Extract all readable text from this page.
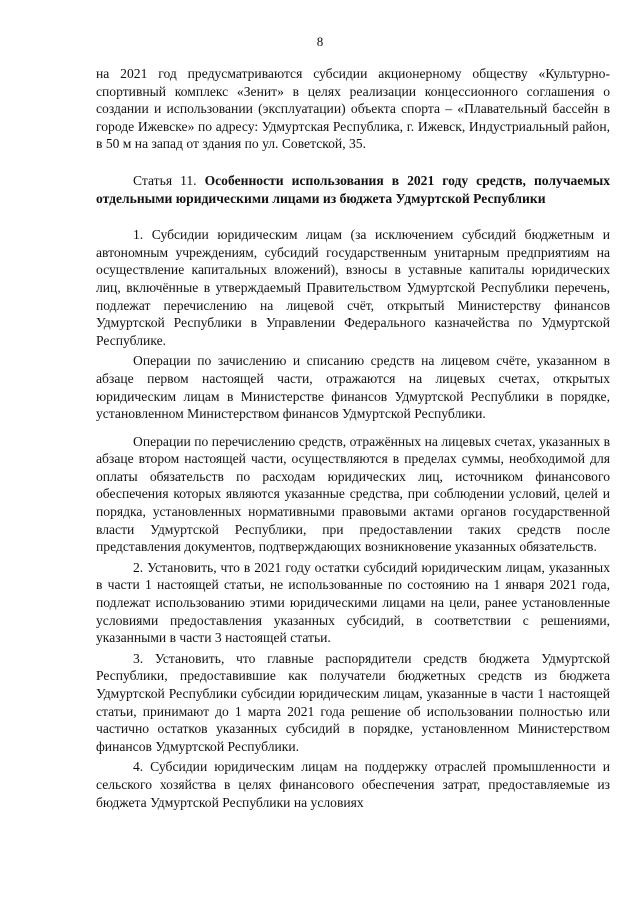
8

на 2021 год предусматриваются субсидии акционерному обществу «Культурно-спортивный комплекс «Зенит» в целях реализации концессионного соглашения о создании и использовании (эксплуатации) объекта спорта – «Плавательный бассейн в городе Ижевске» по адресу: Удмуртская Республика, г. Ижевск, Индустриальный район, в 50 м на запад от здания по ул. Советской, 35.

Статья 11. Особенности использования в 2021 году средств, получаемых отдельными юридическими лицами из бюджета Удмуртской Республики

1. Субсидии юридическим лицам (за исключением субсидий бюджетным и автономным учреждениям, субсидий государственным унитарным предприятиям на осуществление капитальных вложений), взносы в уставные капиталы юридических лиц, включённые в утверждаемый Правительством Удмуртской Республики перечень, подлежат перечислению на лицевой счёт, открытый Министерству финансов Удмуртской Республики в Управлении Федерального казначейства по Удмуртской Республике.

Операции по зачислению и списанию средств на лицевом счёте, указанном в абзаце первом настоящей части, отражаются на лицевых счетах, открытых юридическим лицам в Министерстве финансов Удмуртской Республики в порядке, установленном Министерством финансов Удмуртской Республики.

Операции по перечислению средств, отражённых на лицевых счетах, указанных в абзаце втором настоящей части, осуществляются в пределах суммы, необходимой для оплаты обязательств по расходам юридических лиц, источником финансового обеспечения которых являются указанные средства, при соблюдении условий, целей и порядка, установленных нормативными правовыми актами органов государственной власти Удмуртской Республики, при предоставлении таких средств после представления документов, подтверждающих возникновение указанных обязательств.

2. Установить, что в 2021 году остатки субсидий юридическим лицам, указанных в части 1 настоящей статьи, не использованные по состоянию на 1 января 2021 года, подлежат использованию этими юридическими лицами на цели, ранее установленные условиями предоставления указанных субсидий, в соответствии с решениями, указанными в части 3 настоящей статьи.

3. Установить, что главные распорядители средств бюджета Удмуртской Республики, предоставившие как получатели бюджетных средств из бюджета Удмуртской Республики субсидии юридическим лицам, указанные в части 1 настоящей статьи, принимают до 1 марта 2021 года решение об использовании полностью или частично остатков указанных субсидий в порядке, установленном Министерством финансов Удмуртской Республики.

4. Субсидии юридическим лицам на поддержку отраслей промышленности и сельского хозяйства в целях финансового обеспечения затрат, предоставляемые из бюджета Удмуртской Республики на условиях
